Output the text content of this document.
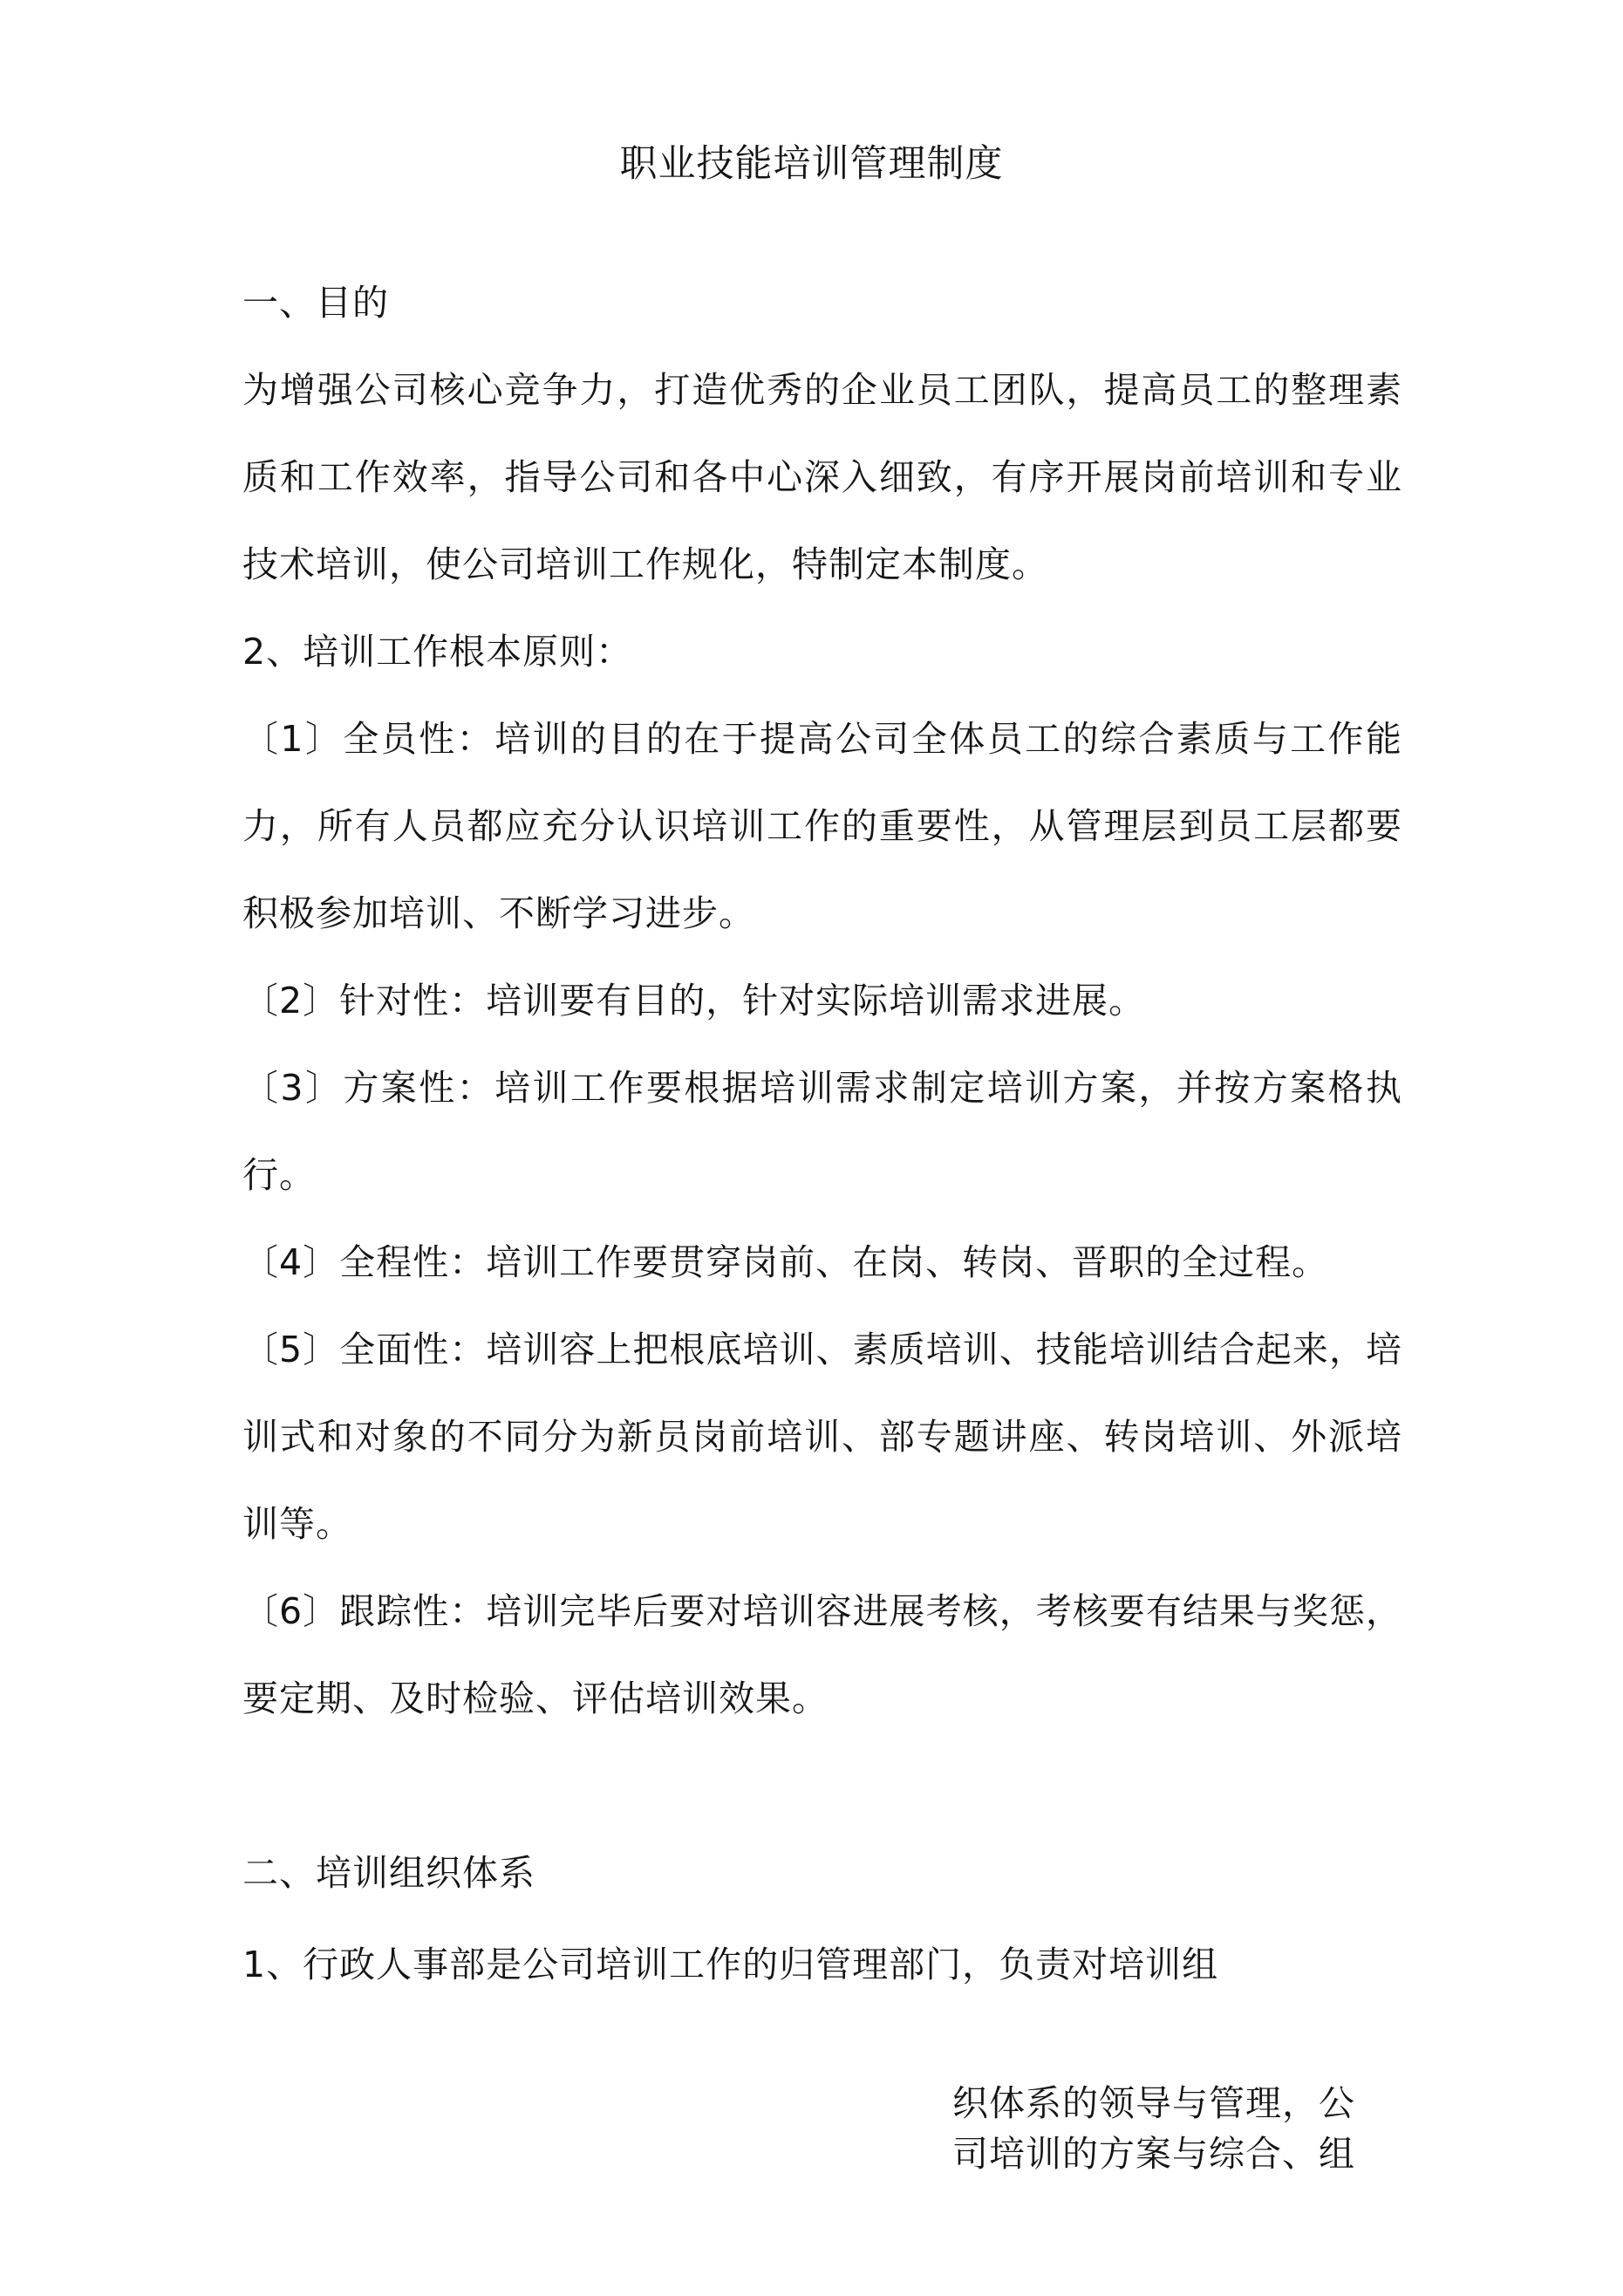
职业技能培训管理制度

一、目的

为增强公司核心竞争力，打造优秀的企业员工团队，提高员工的整理素质和工作效率，指导公司和各中心深入细致，有序开展岗前培训和专业技术培训，使公司培训工作规化，特制定本制度。

2、培训工作根本原则：

〔1〕全员性：培训的目的在于提高公司全体员工的综合素质与工作能力，所有人员都应充分认识培训工作的重要性，从管理层到员工层都要积极参加培训、不断学习进步。

〔2〕针对性：培训要有目的，针对实际培训需求进展。

〔3〕方案性：培训工作要根据培训需求制定培训方案，并按方案格执行。

〔4〕全程性：培训工作要贯穿岗前、在岗、转岗、晋职的全过程。

〔5〕全面性：培训容上把根底培训、素质培训、技能培训结合起来，培训式和对象的不同分为新员岗前培训、部专题讲座、转岗培训、外派培训等。

〔6〕跟踪性：培训完毕后要对培训容进展考核，考核要有结果与奖惩，要定期、及时检验、评估培训效果。

二、培训组织体系

1、行政人事部是公司培训工作的归管理部门，负责对培训组

织体系的领导与管理，公
司培训的方案与综合、组
